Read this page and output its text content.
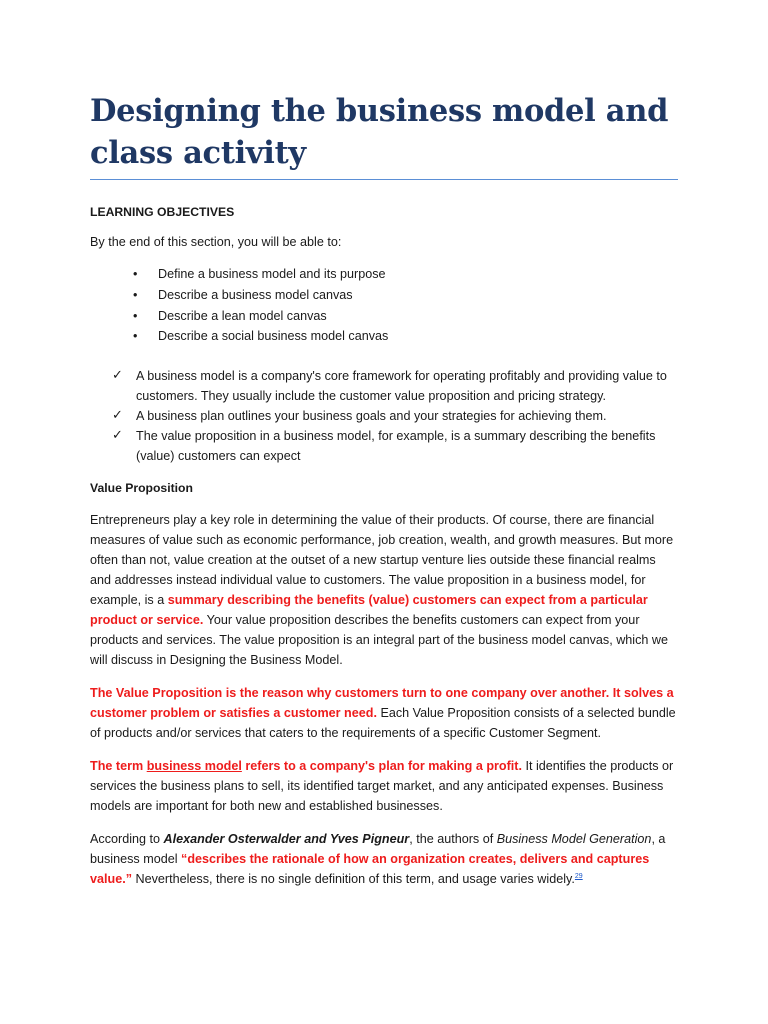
Designing the business model and class activity

LEARNING OBJECTIVES

By the end of this section, you will be able to:

• Define a business model and its purpose
• Describe a business model canvas
• Describe a lean model canvas
• Describe a social business model canvas
✓ A business model is a company's core framework for operating profitably and providing value to customers. They usually include the customer value proposition and pricing strategy.
✓ A business plan outlines your business goals and your strategies for achieving them.
✓ The value proposition in a business model, for example, is a summary describing the benefits (value) customers can expect

Value Proposition

Entrepreneurs play a key role in determining the value of their products. Of course, there are financial measures of value such as economic performance, job creation, wealth, and growth measures. But more often than not, value creation at the outset of a new startup venture lies outside these financial realms and addresses instead individual value to customers. The value proposition in a business model, for example, is a summary describing the benefits (value) customers can expect from a particular product or service. Your value proposition describes the benefits customers can expect from your products and services. The value proposition is an integral part of the business model canvas, which we will discuss in Designing the Business Model.

The Value Proposition is the reason why customers turn to one company over another. It solves a customer problem or satisfies a customer need. Each Value Proposition consists of a selected bundle of products and/or services that caters to the requirements of a specific Customer Segment.

The term business model refers to a company's plan for making a profit. It identifies the products or services the business plans to sell, its identified target market, and any anticipated expenses. Business models are important for both new and established businesses.

According to Alexander Osterwalder and Yves Pigneur, the authors of Business Model Generation, a business model “describes the rationale of how an organization creates, delivers and captures value.” Nevertheless, there is no single definition of this term, and usage varies widely.$^{29}$
